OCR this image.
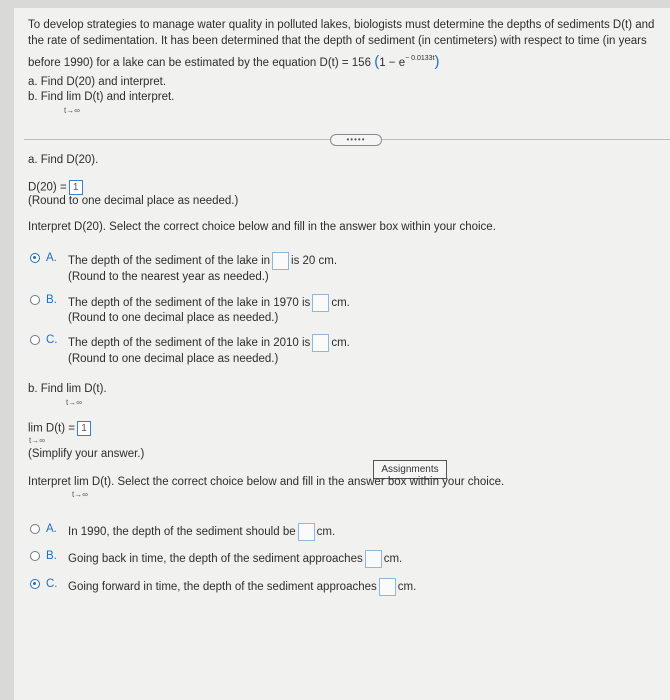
To develop strategies to manage water quality in polluted lakes, biologists must determine the depths of sediments D(t) and
the rate of sedimentation. It has been determined that the depth of sediment (in centimeters) with respect to time (in years
before 1990) for a lake can be estimated by the equation D(t) = 156 $(1 - e^{- 0.0133t})$
a. Find D(20) and interpret.
b. Find lim D(t) and interpret.
t→∞
•••••
a. Find D(20).
D(20) = 1
(Round to one decimal place as needed.)
Interpret D(20). Select the correct choice below and fill in the answer box within your choice.
A. The depth of the sediment of the lake in is 20 cm.
(Round to the nearest year as needed.)
B. The depth of the sediment of the lake in 1970 is cm.
(Round to one decimal place as needed.)
C. The depth of the sediment of the lake in 2010 is cm.
(Round to one decimal place as needed.)
b. Find lim D(t).
t→∞
lim D(t) = 1
t→∞
(Simplify your answer.)
Assignments
Interpret lim D(t). Select the correct choice below and fill in the answer box within your choice.
t→∞
A. In 1990, the depth of the sediment should be cm.
B. Going back in time, the depth of the sediment approaches cm.
C. Going forward in time, the depth of the sediment approaches cm.
